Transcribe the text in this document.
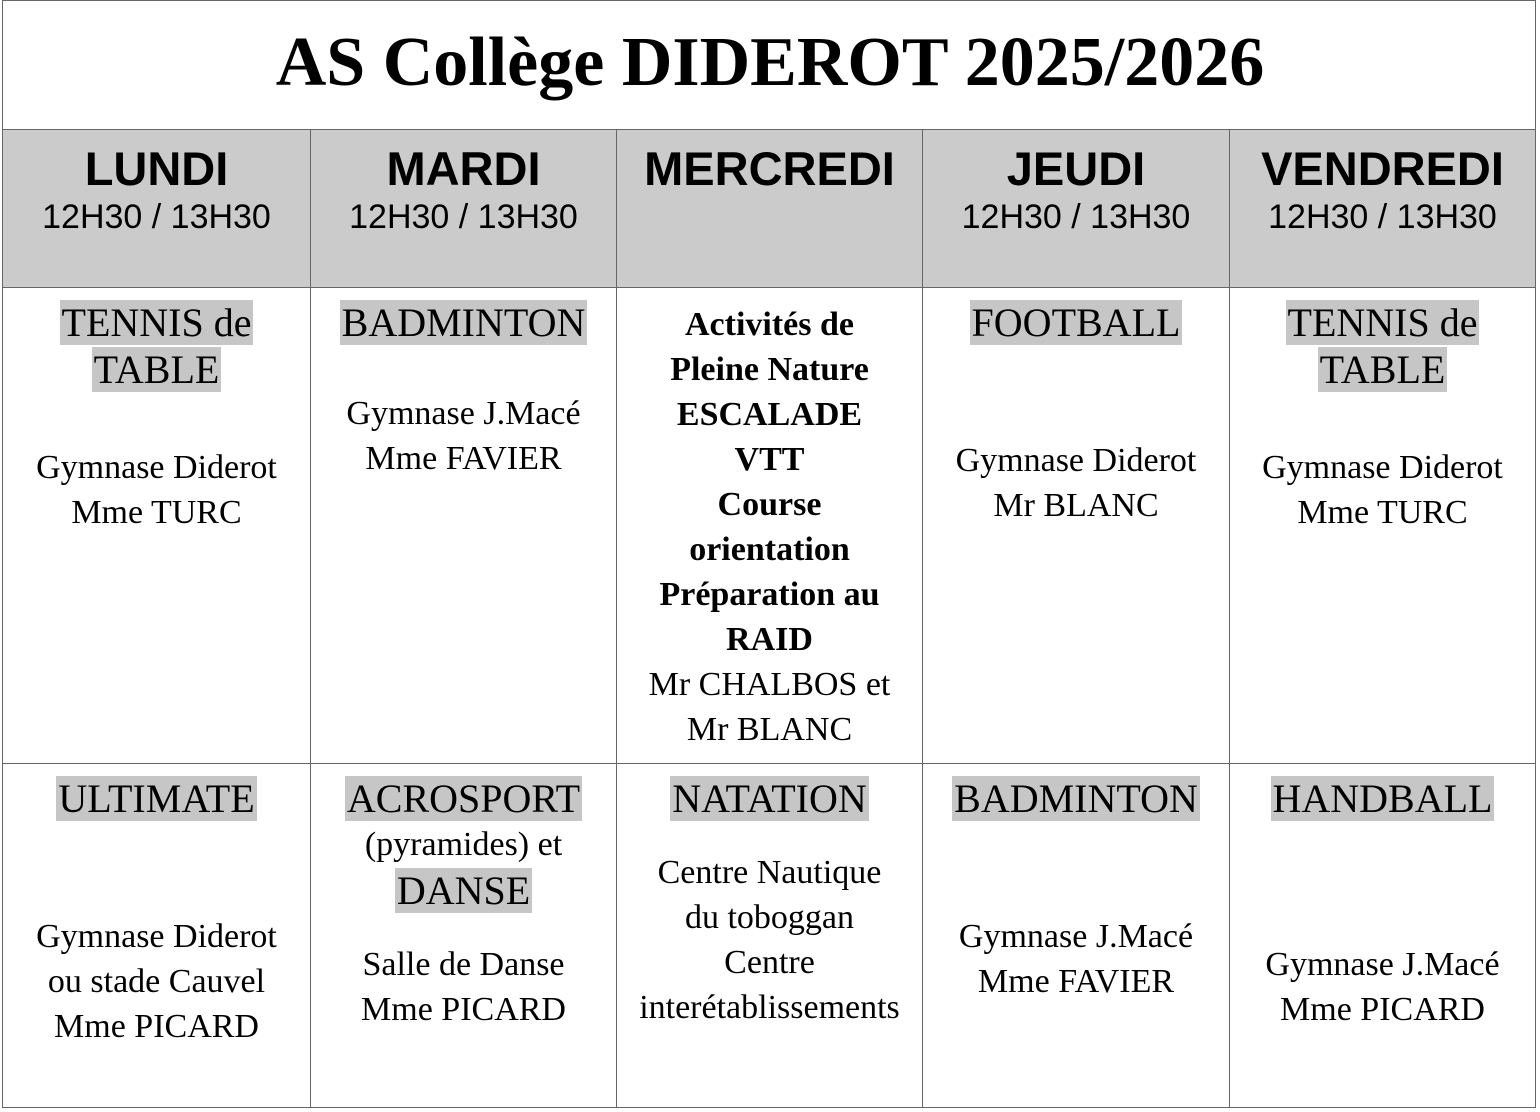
AS Collège DIDEROT 2025/2026
LUNDI
12H30 / 13H30
MARDI
12H30 / 13H30
MERCREDI	JEUDI
12H30 / 13H30
VENDREDI
12H30 / 13H30
TENNIS de
TABLE
Gymnase Diderot
Mme TURC
BADMINTON
Gymnase J.Macé
Mme FAVIER
Activités de
Pleine Nature
ESCALADE
VTT
Course
orientation
Préparation au
RAID
Mr CHALBOS et
Mr BLANC
FOOTBALL
Gymnase Diderot
Mr BLANC
TENNIS de
TABLE
Gymnase Diderot
Mme TURC
ULTIMATE
Gymnase Diderot
ou stade Cauvel
Mme PICARD
ACROSPORT
(pyramides) et
DANSE
Salle de Danse
Mme PICARD
NATATION
Centre Nautique
du toboggan
Centre
interétablissements
BADMINTON
Gymnase J.Macé
Mme FAVIER
HANDBALL
Gymnase J.Macé
Mme PICARD
